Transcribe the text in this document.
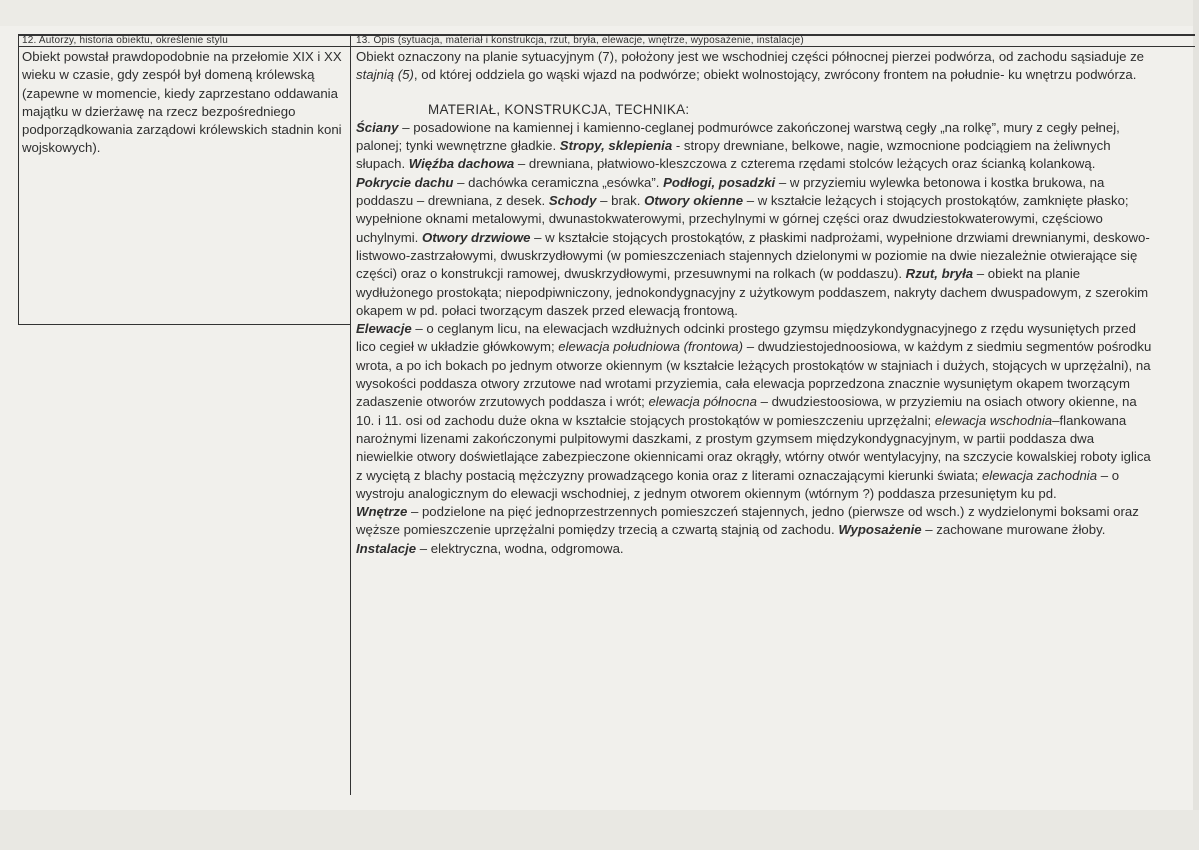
12. Autorzy, historia obiektu, określenie stylu	13. Opis (sytuacja, materiał i konstrukcja, rzut, bryła, elewacje, wnętrze, wyposażenie, instalacje)
Obiekt powstał prawdopodobnie na przełomie XIX i XX wieku w czasie, gdy zespół był domeną królewską (zapewne w momencie, kiedy zaprzestano oddawania majątku w dzierżawę na rzecz bezpośredniego podporządkowania zarządowi królewskich stadnin koni wojskowych).

Obiekt oznaczony na planie sytuacyjnym (7), położony jest we wschodniej części północnej pierzei podwórza, od zachodu sąsiaduje ze stajnią (5), od której oddziela go wąski wjazd na podwórze; obiekt wolnostojący, zwrócony frontem na południe- ku wnętrzu podwórza.

MATERIAŁ, KONSTRUKCJA, TECHNIKA:

Ściany – posadowione na kamiennej i kamienno-ceglanej podmurówce zakończonej warstwą cegły „na rolkę”, mury z cegły pełnej, palonej; tynki wewnętrzne gładkie. Stropy, sklepienia - stropy drewniane, belkowe, nagie, wzmocnione podciągiem na żeliwnych słupach. Więźba dachowa – drewniana, płatwiowo-kleszczowa z czterema rzędami stolców leżących oraz ścianką kolankową. Pokrycie dachu – dachówka ceramiczna „esówka”. Podłogi, posadzki – w przyziemiu wylewka betonowa i kostka brukowa, na poddaszu – drewniana, z desek. Schody – brak. Otwory okienne – w kształcie leżących i stojących prostokątów, zamknięte płasko; wypełnione oknami metalowymi, dwunastokwaterowymi, przechylnymi w górnej części oraz dwudziestokwaterowymi, częściowo uchylnymi. Otwory drzwiowe – w kształcie stojących prostokątów, z płaskimi nadprożami, wypełnione drzwiami drewnianymi, deskowo-listwowo-zastrzałowymi, dwuskrzydłowymi (w pomieszczeniach stajennych dzielonymi w poziomie na dwie niezależnie otwierające się części) oraz o konstrukcji ramowej, dwuskrzydłowymi, przesuwnymi na rolkach (w poddaszu). Rzut, bryła – obiekt na planie wydłużonego prostokąta; niepodpiwniczony, jednokondygnacyjny z użytkowym poddaszem, nakryty dachem dwuspadowym, z szerokim okapem w pd. połaci tworzącym daszek przed elewacją frontową.

Elewacje – o ceglanym licu, na elewacjach wzdłużnych odcinki prostego gzymsu międzykondygnacyjnego z rzędu wysuniętych przed lico cegieł w układzie główkowym; elewacja południowa (frontowa) – dwudziestojednoosiowa, w każdym z siedmiu segmentów pośrodku wrota, a po ich bokach po jednym otworze okiennym (w kształcie leżących prostokątów w stajniach i dużych, stojących w uprzężalni), na wysokości poddasza otwory zrzutowe nad wrotami przyziemia, cała elewacja poprzedzona znacznie wysuniętym okapem tworzącym zadaszenie otworów zrzutowych poddasza i wrót; elewacja północna – dwudziestoosiowa, w przyziemiu na osiach otwory okienne, na 10. i 11. osi od zachodu duże okna w kształcie stojących prostokątów w pomieszczeniu uprzężalni; elewacja wschodnia–flankowana narożnymi lizenami zakończonymi pulpitowymi daszkami, z prostym gzymsem międzykondygnacyjnym, w partii poddasza dwa niewielkie otwory doświetlające zabezpieczone okiennicami oraz okrągły, wtórny otwór wentylacyjny, na szczycie kowalskiej roboty iglica z wyciętą z blachy postacią mężczyzny prowadzącego konia oraz z literami oznaczającymi kierunki świata; elewacja zachodnia – o wystroju analogicznym do elewacji wschodniej, z jednym otworem okiennym (wtórnym ?) poddasza przesuniętym ku pd.

Wnętrze – podzielone na pięć jednoprzestrzennych pomieszczeń stajennych, jedno (pierwsze od wsch.) z wydzielonymi boksami oraz węższe pomieszczenie uprzężalni pomiędzy trzecią a czwartą stajnią od zachodu. Wyposażenie – zachowane murowane żłoby. Instalacje – elektryczna, wodna, odgromowa.
